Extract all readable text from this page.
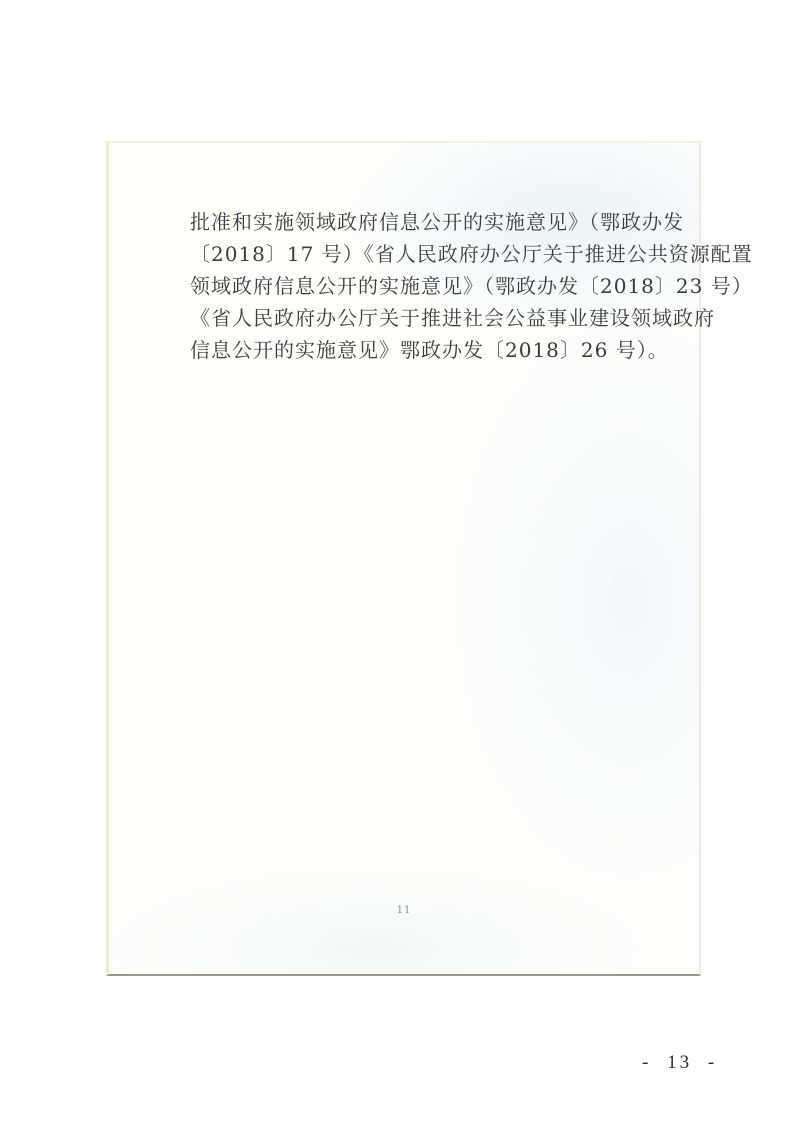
批准和实施领域政府信息公开的实施意见》（鄂政办发
〔2018〕17 号）《省人民政府办公厅关于推进公共资源配置
领域政府信息公开的实施意见》（鄂政办发〔2018〕23 号）
《省人民政府办公厅关于推进社会公益事业建设领域政府
信息公开的实施意见》鄂政办发〔2018〕26 号）。
11
- 13 -
